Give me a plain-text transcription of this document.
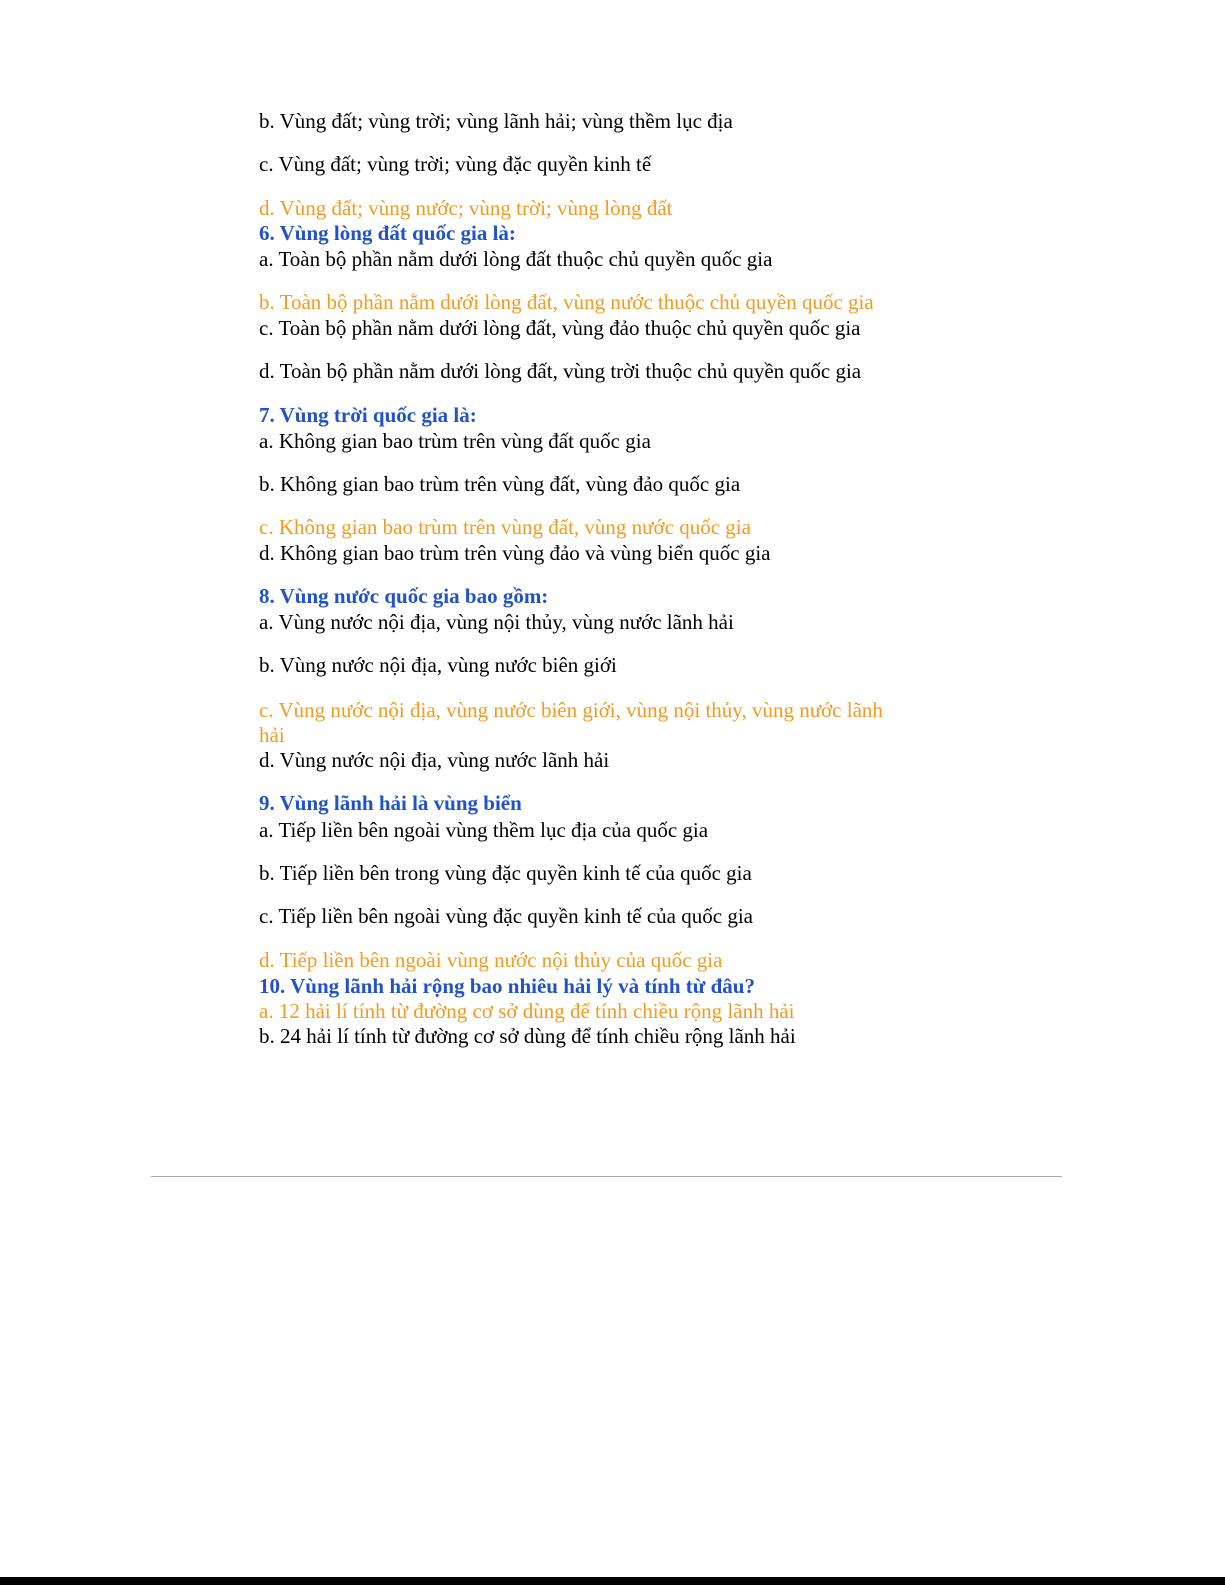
b. Vùng đất; vùng trời; vùng lãnh hải; vùng thềm lục địa
c. Vùng đất; vùng trời; vùng đặc quyền kinh tế
d. Vùng đất; vùng nước; vùng trời; vùng lòng đất
6. Vùng lòng đất quốc gia là:
a. Toàn bộ phần nằm dưới lòng đất thuộc chủ quyền quốc gia
b. Toàn bộ phần nằm dưới lòng đất, vùng nước thuộc chủ quyền quốc gia
c. Toàn bộ phần nằm dưới lòng đất, vùng đảo thuộc chủ quyền quốc gia
d. Toàn bộ phần nằm dưới lòng đất, vùng trời thuộc chủ quyền quốc gia
7. Vùng trời quốc gia là:
a. Không gian bao trùm trên vùng đất quốc gia
b. Không gian bao trùm trên vùng đất, vùng đảo quốc gia
c. Không gian bao trùm trên vùng đất, vùng nước quốc gia
d. Không gian bao trùm trên vùng đảo và vùng biển quốc gia
8. Vùng nước quốc gia bao gồm:
a. Vùng nước nội địa, vùng nội thủy, vùng nước lãnh hải
b. Vùng nước nội địa, vùng nước biên giới
c. Vùng nước nội địa, vùng nước biên giới, vùng nội thủy, vùng nước lãnh
hải
d. Vùng nước nội địa, vùng nước lãnh hải
9. Vùng lãnh hải là vùng biển
a. Tiếp liền bên ngoài vùng thềm lục địa của quốc gia
b. Tiếp liền bên trong vùng đặc quyền kinh tế của quốc gia
c. Tiếp liền bên ngoài vùng đặc quyền kinh tế của quốc gia
d. Tiếp liền bên ngoài vùng nước nội thủy của quốc gia
10. Vùng lãnh hải rộng bao nhiêu hải lý và tính từ đâu?
a. 12 hải lí tính từ đường cơ sở dùng để tính chiều rộng lãnh hải
b. 24 hải lí tính từ đường cơ sở dùng để tính chiều rộng lãnh hải
